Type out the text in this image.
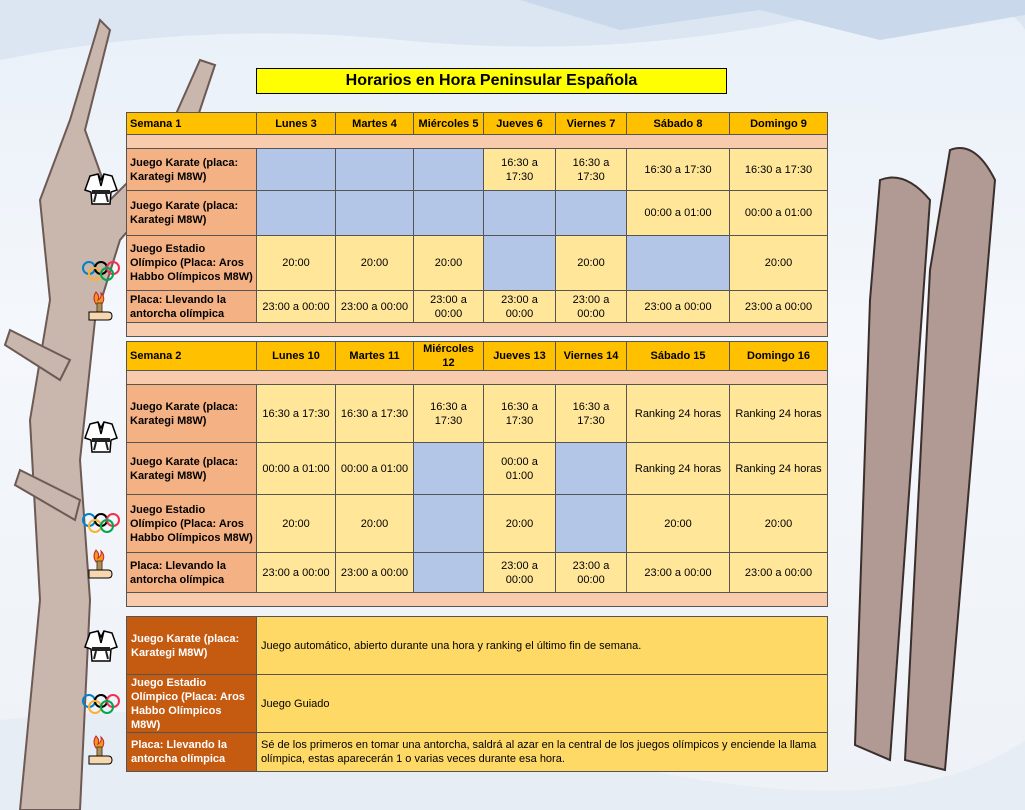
Horarios en Hora Peninsular Española
Semana 1	Lunes 3	Martes 4	Miércoles 5	Jueves 6	Viernes 7	Sábado 8	Domingo 9

Juego Karate (placa: Karategi M8W)				16:30 a 17:30	16:30 a 17:30	16:30 a 17:30	16:30 a 17:30
Juego Karate (placa: Karategi M8W)						00:00 a 01:00	00:00 a 01:00
Juego Estadio Olímpico (Placa: Aros Habbo Olímpicos M8W)	20:00	20:00	20:00		20:00		20:00
Placa: Llevando la antorcha olímpica	23:00 a 00:00	23:00 a 00:00	23:00 a 00:00	23:00 a 00:00	23:00 a 00:00	23:00 a 00:00	23:00 a 00:00

Semana 2	Lunes 10	Martes 11	Miércoles 12	Jueves 13	Viernes 14	Sábado 15	Domingo 16

Juego Karate (placa: Karategi M8W)	16:30 a 17:30	16:30 a 17:30	16:30 a 17:30	16:30 a 17:30	16:30 a 17:30	Ranking 24 horas	Ranking 24 horas
Juego Karate (placa: Karategi M8W)	00:00 a 01:00	00:00 a 01:00		00:00 a 01:00		Ranking 24 horas	Ranking 24 horas
Juego Estadio Olímpico (Placa: Aros Habbo Olímpicos M8W)	20:00	20:00		20:00		20:00	20:00
Placa: Llevando la antorcha olímpica	23:00 a 00:00	23:00 a 00:00		23:00 a 00:00	23:00 a 00:00	23:00 a 00:00	23:00 a 00:00

Juego Karate (placa: Karategi M8W)	Juego automático, abierto durante una hora y ranking el último fin de semana.
Juego Estadio Olímpico (Placa: Aros Habbo Olímpicos M8W)	Juego Guiado
Placa: Llevando la antorcha olímpica	Sé de los primeros en tomar una antorcha, saldrá al azar en la central de los juegos olímpicos y enciende la llama olímpica, estas aparecerán 1 o varias veces durante esa hora.
